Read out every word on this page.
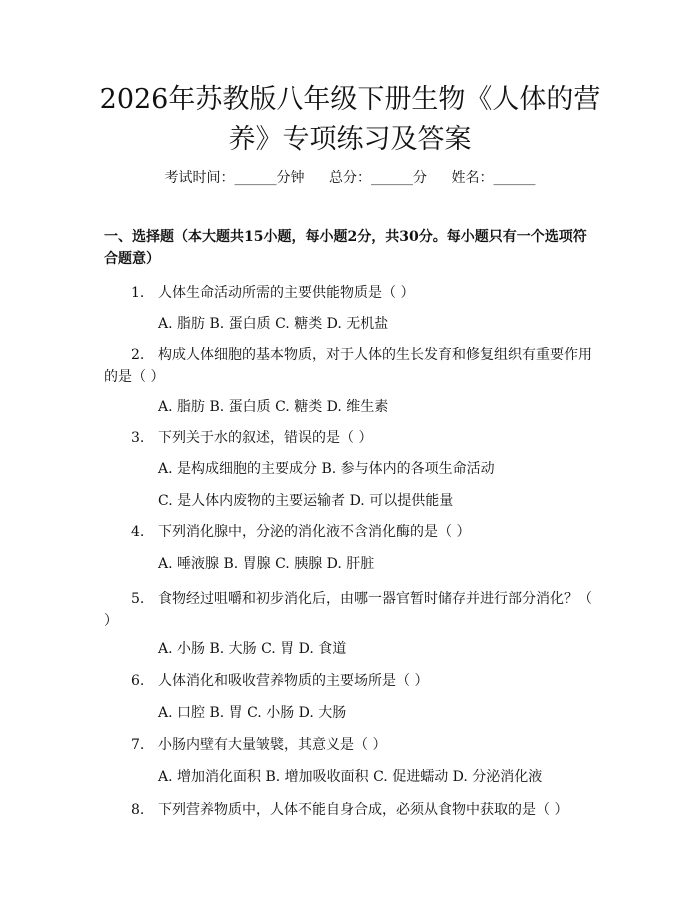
2026年苏教版八年级下册生物《人体的营
养》专项练习及答案
考试时间：______分钟 总分：______分 姓名：______
一、选择题（本大题共15小题，每小题2分，共30分。每小题只有一个选项符合题意）
1. 人体生命活动所需的主要供能物质是（ ）
A. 脂肪 B. 蛋白质 C. 糖类 D. 无机盐
2. 构成人体细胞的基本物质，对于人体的生长发育和修复组织有重要作用的是（ ）
A. 脂肪 B. 蛋白质 C. 糖类 D. 维生素
3. 下列关于水的叙述，错误的是（ ）
A. 是构成细胞的主要成分 B. 参与体内的各项生命活动
C. 是人体内废物的主要运输者 D. 可以提供能量
4. 下列消化腺中，分泌的消化液不含消化酶的是（ ）
A. 唾液腺 B. 胃腺 C. 胰腺 D. 肝脏
5. 食物经过咀嚼和初步消化后，由哪一器官暂时储存并进行部分消化？（ ）
A. 小肠 B. 大肠 C. 胃 D. 食道
6. 人体消化和吸收营养物质的主要场所是（ ）
A. 口腔 B. 胃 C. 小肠 D. 大肠
7. 小肠内壁有大量皱襞，其意义是（ ）
A. 增加消化面积 B. 增加吸收面积 C. 促进蠕动 D. 分泌消化液
8. 下列营养物质中，人体不能自身合成，必须从食物中获取的是（ ）
